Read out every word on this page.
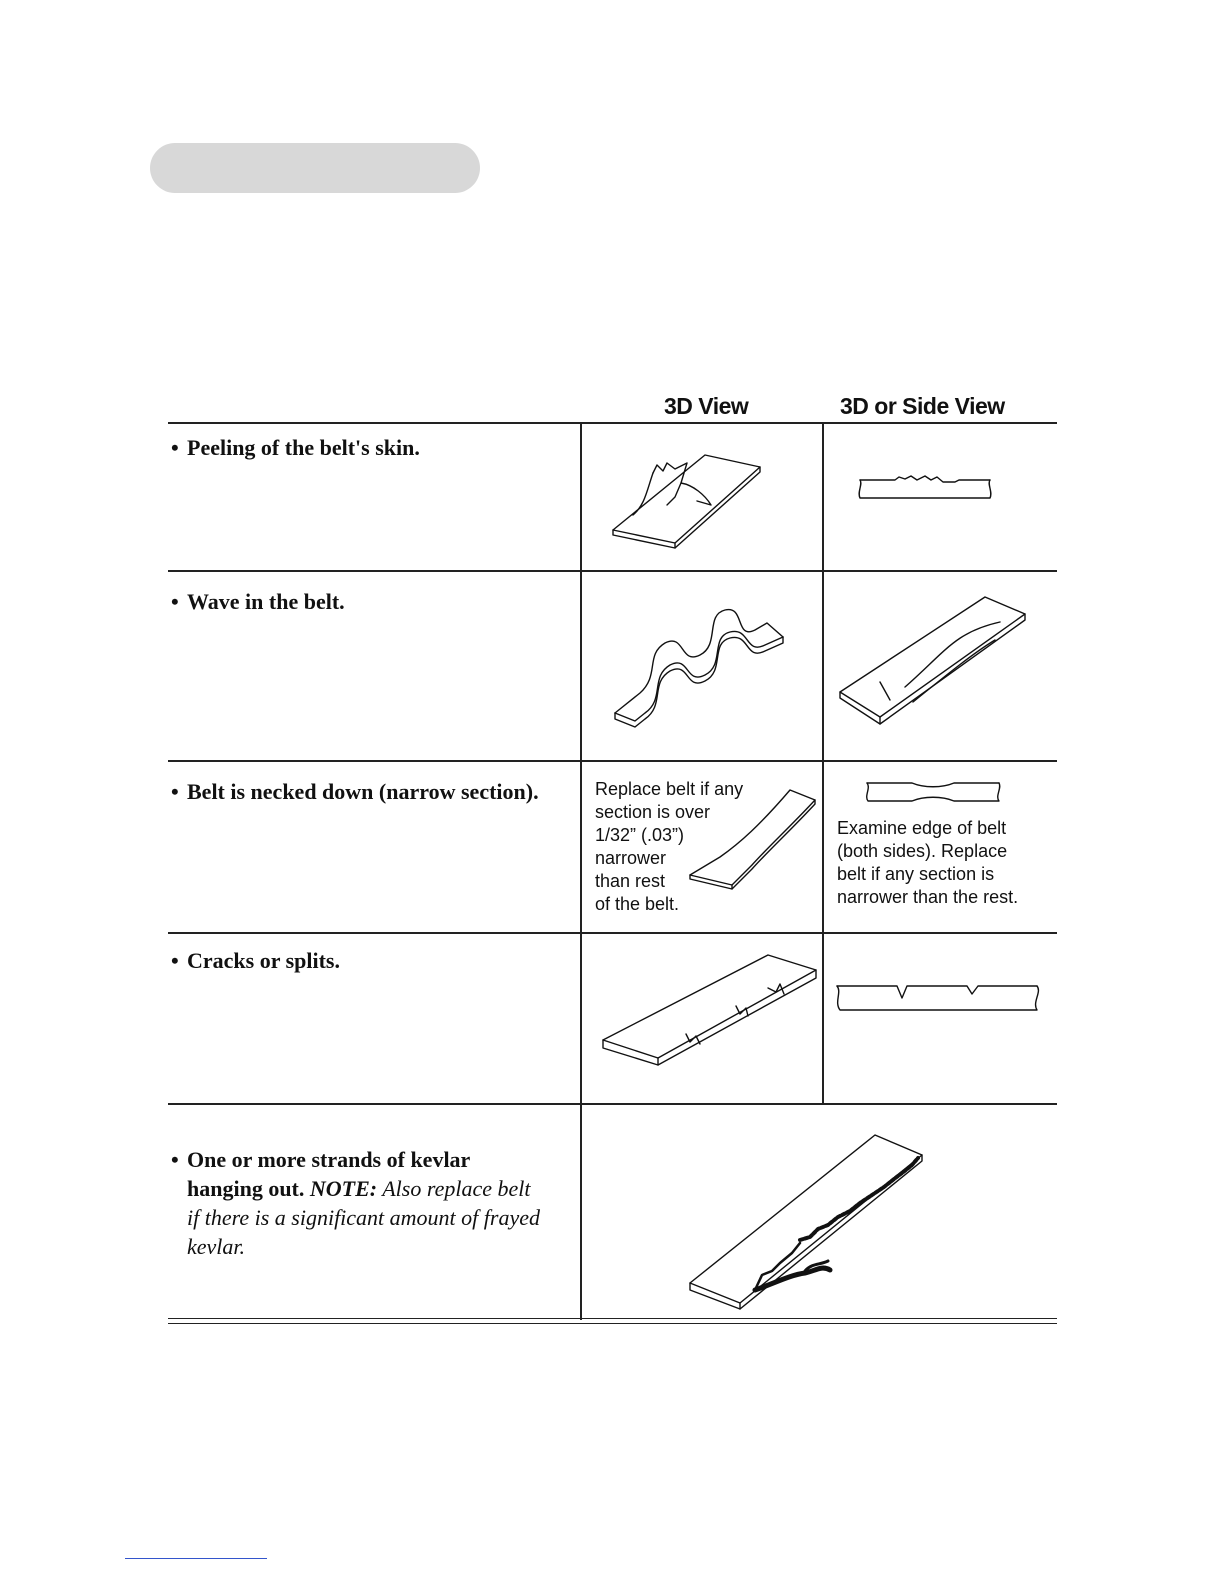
3D View	3D or Side View
• Peeling of the belt's skin.
• Wave in the belt.
• Belt is necked down (narrow section).	Replace belt if any
section is over
1/32” (.03”)
narrower
than rest
of the belt.
Examine edge of belt
(both sides). Replace
belt if any section is
narrower than the rest.
• Cracks or splits.
• One or more strands of kevlar
hanging out. NOTE: Also replace belt
if there is a significant amount of frayed
kevlar.
